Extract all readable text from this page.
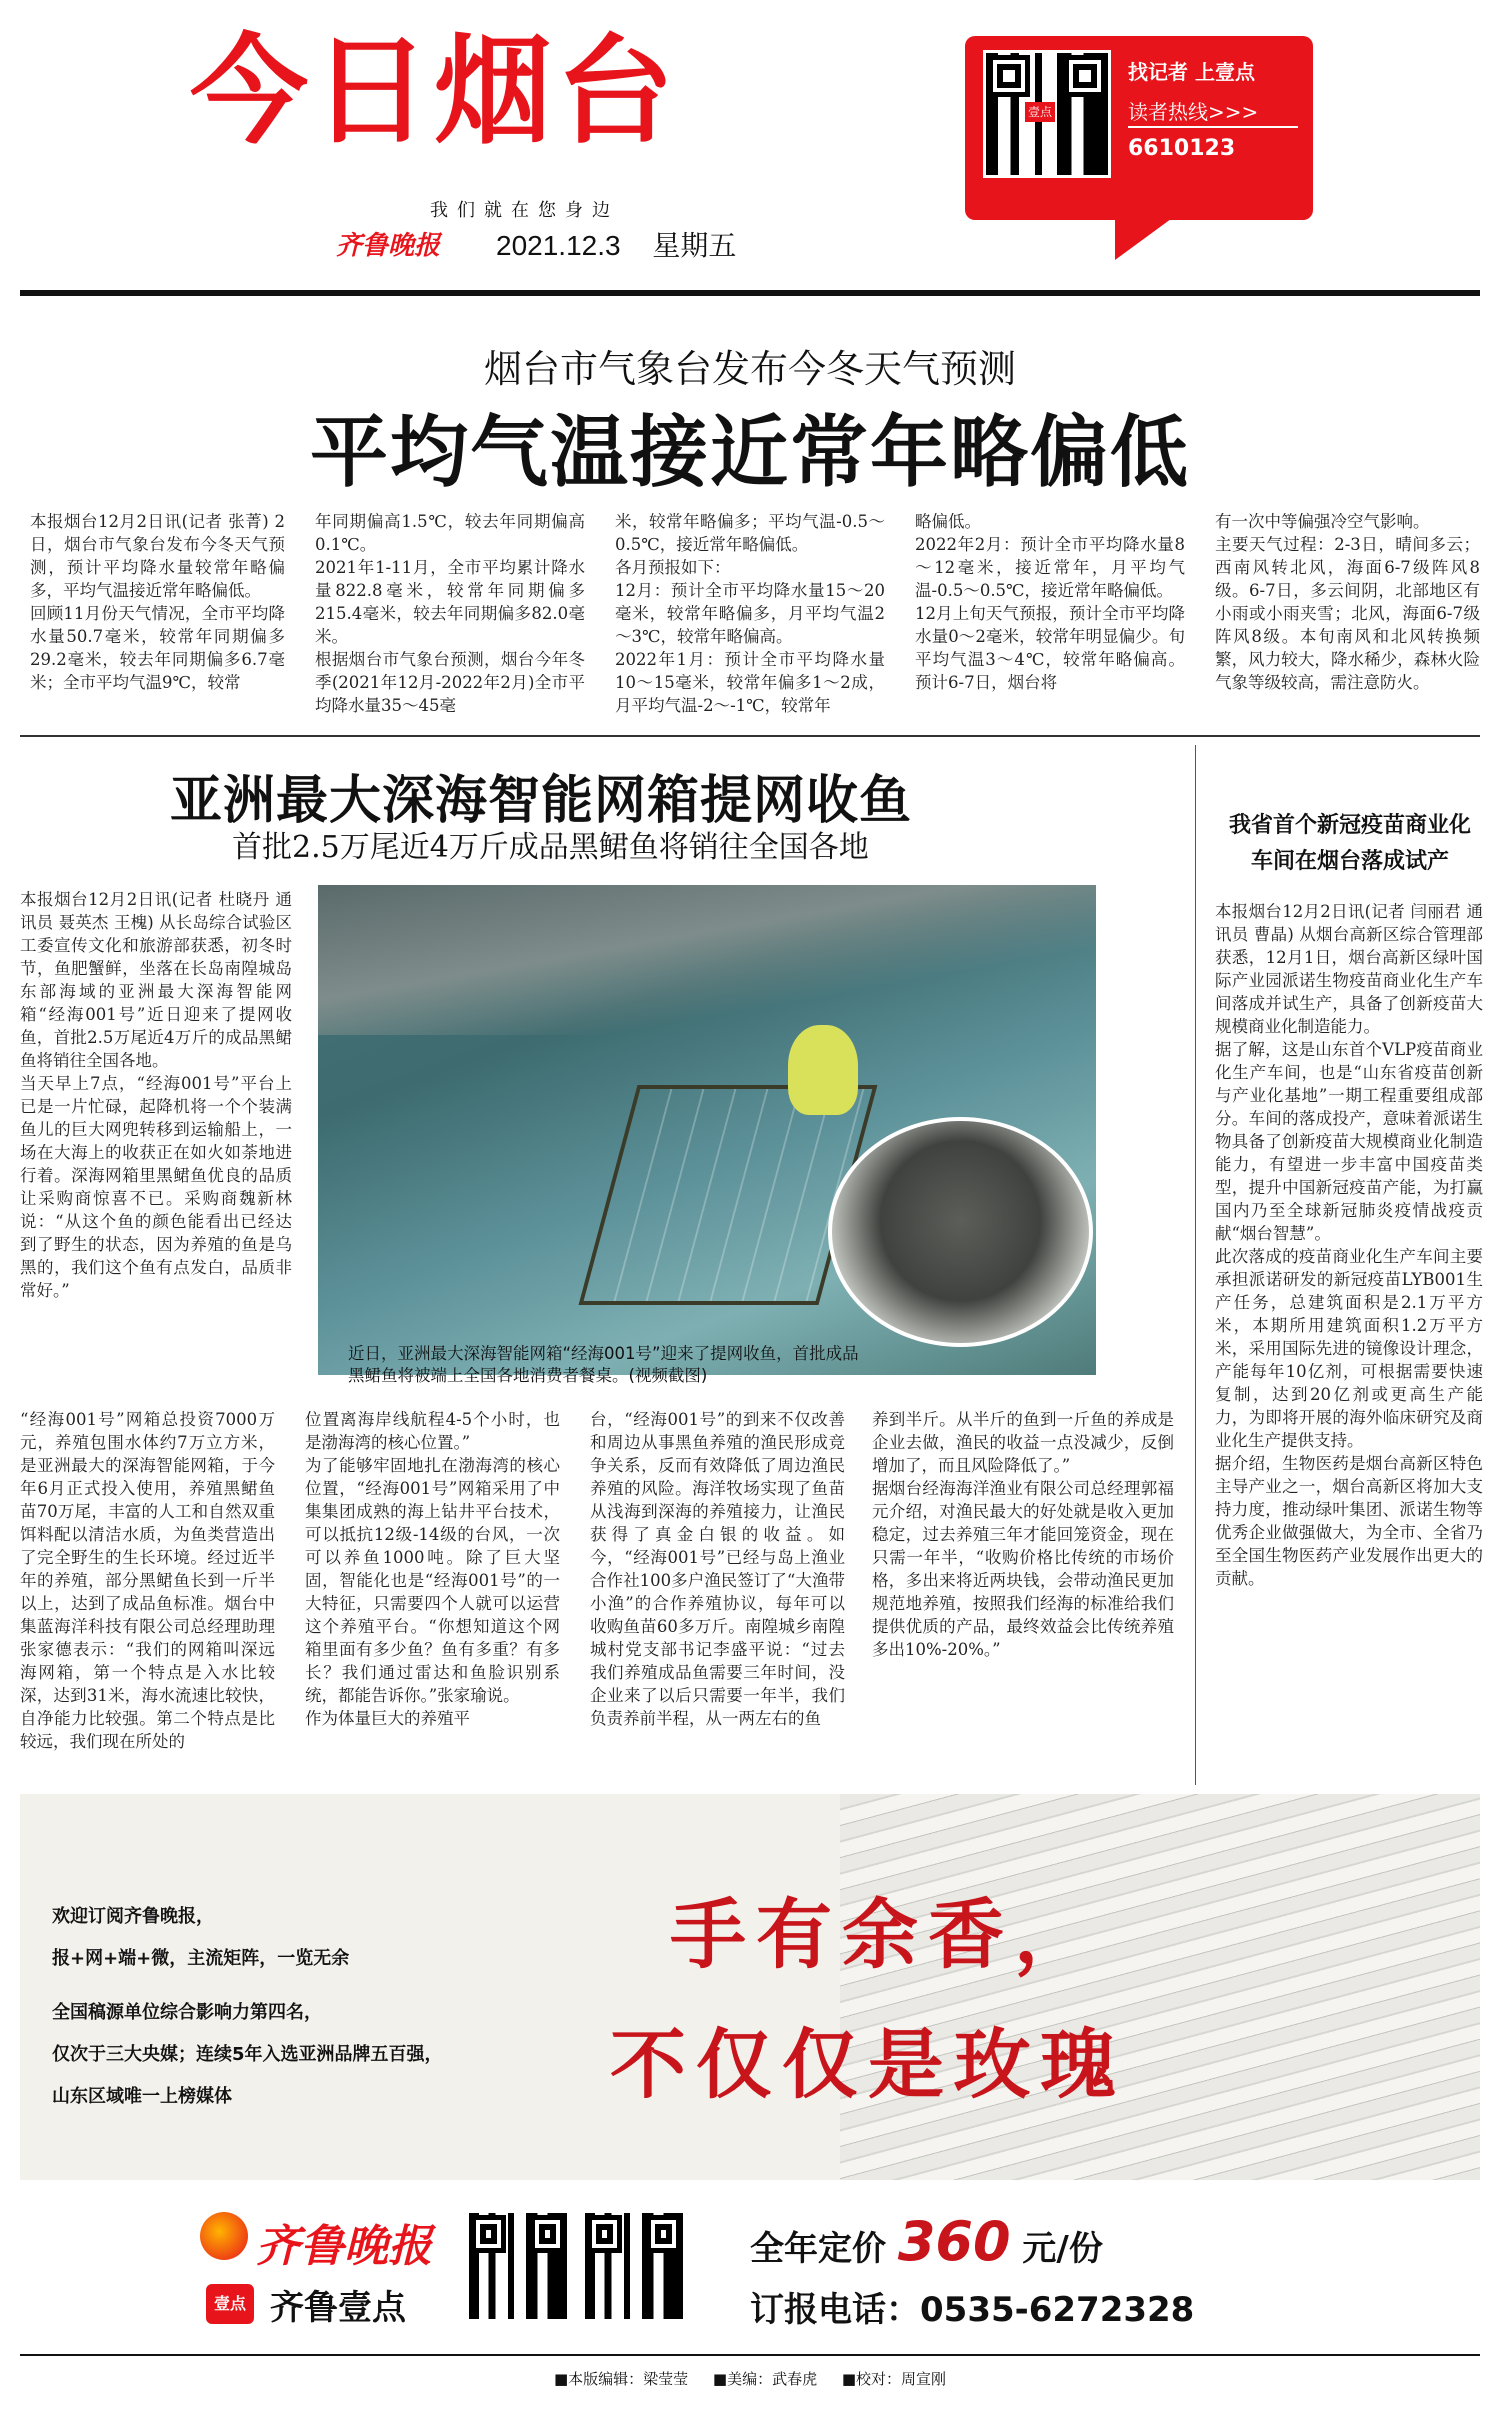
今日烟台
我们就在您身边
齐鲁晚报 2021.12.3 星期五
壹点
找记者 上壹点
读者热线>>>
6610123
烟台市气象台发布今冬天气预测
平均气温接近常年略偏低
本报烟台12月2日讯(记者 张菁) 2日，烟台市气象台发布今冬天气预测，预计平均降水量较常年略偏多，平均气温接近常年略偏低。
回顾11月份天气情况，全市平均降水量50.7毫米，较常年同期偏多29.2毫米，较去年同期偏多6.7毫米；全市平均气温9℃，较常
年同期偏高1.5℃，较去年同期偏高0.1℃。
2021年1-11月，全市平均累计降水量822.8毫米，较常年同期偏多215.4毫米，较去年同期偏多82.0毫米。
根据烟台市气象台预测，烟台今年冬季(2021年12月-2022年2月)全市平均降水量35～45毫
米，较常年略偏多；平均气温-0.5～0.5℃，接近常年略偏低。
各月预报如下：
12月：预计全市平均降水量15～20毫米，较常年略偏多，月平均气温2～3℃，较常年略偏高。
2022年1月：预计全市平均降水量10～15毫米，较常年偏多1～2成，月平均气温-2～-1℃，较常年
略偏低。
2022年2月：预计全市平均降水量8～12毫米，接近常年，月平均气温-0.5～0.5℃，接近常年略偏低。
12月上旬天气预报，预计全市平均降水量0～2毫米，较常年明显偏少。旬平均气温3～4℃，较常年略偏高。预计6-7日，烟台将
有一次中等偏强冷空气影响。
主要天气过程：2-3日，晴间多云；西南风转北风，海面6-7级阵风8级。6-7日，多云间阴，北部地区有小雨或小雨夹雪；北风，海面6-7级阵风8级。本旬南风和北风转换频繁，风力较大，降水稀少，森林火险气象等级较高，需注意防火。
亚洲最大深海智能网箱提网收鱼
首批2.5万尾近4万斤成品黑鲪鱼将销往全国各地
本报烟台12月2日讯(记者 杜晓丹 通讯员 聂英杰 王槐) 从长岛综合试验区工委宣传文化和旅游部获悉，初冬时节，鱼肥蟹鲜，坐落在长岛南隍城岛东部海域的亚洲最大深海智能网箱“经海001号”近日迎来了提网收鱼，首批2.5万尾近4万斤的成品黑鲪鱼将销往全国各地。
当天早上7点，“经海001号”平台上已是一片忙碌，起降机将一个个装满鱼儿的巨大网兜转移到运输船上，一场在大海上的收获正在如火如荼地进行着。深海网箱里黑鲪鱼优良的品质让采购商惊喜不已。采购商魏新林说：“从这个鱼的颜色能看出已经达到了野生的状态，因为养殖的鱼是乌黑的，我们这个鱼有点发白，品质非常好。”
近日，亚洲最大深海智能网箱“经海001号”迎来了提网收鱼，首批成品黑鲪鱼将被端上全国各地消费者餐桌。(视频截图)
“经海001号”网箱总投资7000万元，养殖包围水体约7万立方米，是亚洲最大的深海智能网箱，于今年6月正式投入使用，养殖黑鲪鱼苗70万尾，丰富的人工和自然双重饵料配以清洁水质，为鱼类营造出了完全野生的生长环境。经过近半年的养殖，部分黑鲪鱼长到一斤半以上，达到了成品鱼标准。烟台中集蓝海洋科技有限公司总经理助理张家德表示：“我们的网箱叫深远海网箱，第一个特点是入水比较深，达到31米，海水流速比较快，自净能力比较强。第二个特点是比较远，我们现在所处的
位置离海岸线航程4-5个小时，也是渤海湾的核心位置。”
为了能够牢固地扎在渤海湾的核心位置，“经海001号”网箱采用了中集集团成熟的海上钻井平台技术，可以抵抗12级-14级的台风，一次可以养鱼1000吨。除了巨大坚固，智能化也是“经海001号”的一大特征，只需要四个人就可以运营这个养殖平台。“你想知道这个网箱里面有多少鱼？鱼有多重？有多长？我们通过雷达和鱼脸识别系统，都能告诉你。”张家瑜说。
作为体量巨大的养殖平
台，“经海001号”的到来不仅改善和周边从事黑鱼养殖的渔民形成竞争关系，反而有效降低了周边渔民养殖的风险。海洋牧场实现了鱼苗从浅海到深海的养殖接力，让渔民获得了真金白银的收益。如今，“经海001号”已经与岛上渔业合作社100多户渔民签订了“大渔带小渔”的合作养殖协议，每年可以收购鱼苗60多万斤。南隍城乡南隍城村党支部书记李盛平说：“过去我们养殖成品鱼需要三年时间，没企业来了以后只需要一年半，我们负责养前半程，从一两左右的鱼
养到半斤。从半斤的鱼到一斤鱼的养成是企业去做，渔民的收益一点没减少，反倒增加了，而且风险降低了。”
据烟台经海海洋渔业有限公司总经理郭福元介绍，对渔民最大的好处就是收入更加稳定，过去养殖三年才能回笼资金，现在只需一年半，“收购价格比传统的市场价格，多出来将近两块钱，会带动渔民更加规范地养殖，按照我们经海的标准给我们提供优质的产品，最终效益会比传统养殖多出10%-20%。”
我省首个新冠疫苗商业化
车间在烟台落成试产
本报烟台12月2日讯(记者 闫丽君 通讯员 曹晶) 从烟台高新区综合管理部获悉，12月1日，烟台高新区绿叶国际产业园派诺生物疫苗商业化生产车间落成并试生产，具备了创新疫苗大规模商业化制造能力。
据了解，这是山东首个VLP疫苗商业化生产车间，也是“山东省疫苗创新与产业化基地”一期工程重要组成部分。车间的落成投产，意味着派诺生物具备了创新疫苗大规模商业化制造能力，有望进一步丰富中国疫苗类型，提升中国新冠疫苗产能，为打赢国内乃至全球新冠肺炎疫情战疫贡献“烟台智慧”。
此次落成的疫苗商业化生产车间主要承担派诺研发的新冠疫苗LYB001生产任务，总建筑面积是2.1万平方米，本期所用建筑面积1.2万平方米，采用国际先进的镜像设计理念，产能每年10亿剂，可根据需要快速复制，达到20亿剂或更高生产能力，为即将开展的海外临床研究及商业化生产提供支持。
据介绍，生物医药是烟台高新区特色主导产业之一，烟台高新区将加大支持力度，推动绿叶集团、派诺生物等优秀企业做强做大，为全市、全省乃至全国生物医药产业发展作出更大的贡献。
欢迎订阅齐鲁晚报，
报+网+端+微，主流矩阵，一览无余
全国稿源单位综合影响力第四名，
仅次于三大央媒；连续5年入选亚洲品牌五百强，
山东区域唯一上榜媒体
手有余香，
不仅仅是玫瑰
齐鲁晚报
壹点 齐鲁壹点
全年定价 360 元/份
订报电话：0535-6272328
■本版编辑：梁莹莹 ■美编：武春虎 ■校对：周宣刚
